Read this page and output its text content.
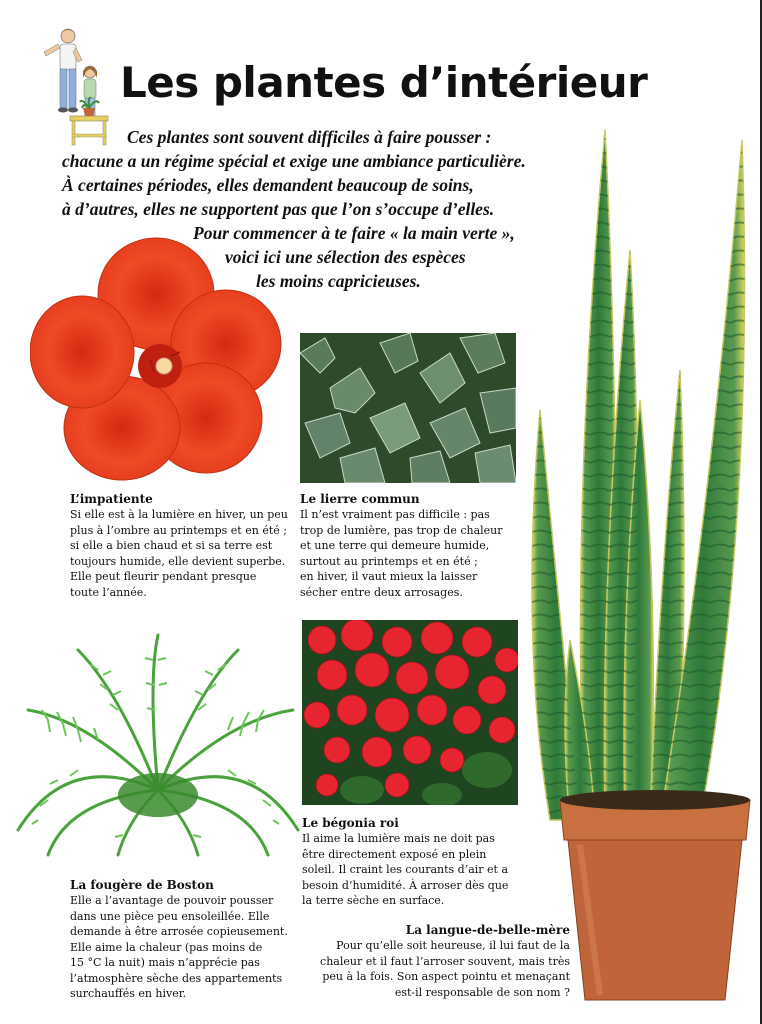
Les plantes d’intérieur
Ces plantes sont souvent difficiles à faire pousser :
chacune a un régime spécial et exige une ambiance particulière.
À certaines périodes, elles demandent beaucoup de soins,
à d’autres, elles ne supportent pas que l’on s’occupe d’elles.
Pour commencer à te faire « la main verte »,
voici ici une sélection des espèces
les moins capricieuses.

L’impatiente

Si elle est à la lumière en hiver, un peu
plus à l’ombre au printemps et en été ;
si elle a bien chaud et si sa terre est
toujours humide, elle devient superbe.
Elle peut fleurir pendant presque
toute l’année.

Le lierre commun

Il n’est vraiment pas difficile : pas
trop de lumière, pas trop de chaleur
et une terre qui demeure humide,
surtout au printemps et en été ;
en hiver, il vaut mieux la laisser
sécher entre deux arrosages.

Le bégonia roi

Il aime la lumière mais ne doit pas
être directement exposé en plein
soleil. Il craint les courants d’air et a
besoin d’humidité. À arroser dès que
la terre sèche en surface.

La fougère de Boston

Elle a l’avantage de pouvoir pousser
dans une pièce peu ensoleillée. Elle
demande à être arrosée copieusement.
Elle aime la chaleur (pas moins de
15 °C la nuit) mais n’apprécie pas
l’atmosphère sèche des appartements
surchauffés en hiver.

La langue-de-belle-mère

Pour qu’elle soit heureuse, il lui faut de la
chaleur et il faut l’arroser souvent, mais très
peu à la fois. Son aspect pointu et menaçant
est-il responsable de son nom ?
